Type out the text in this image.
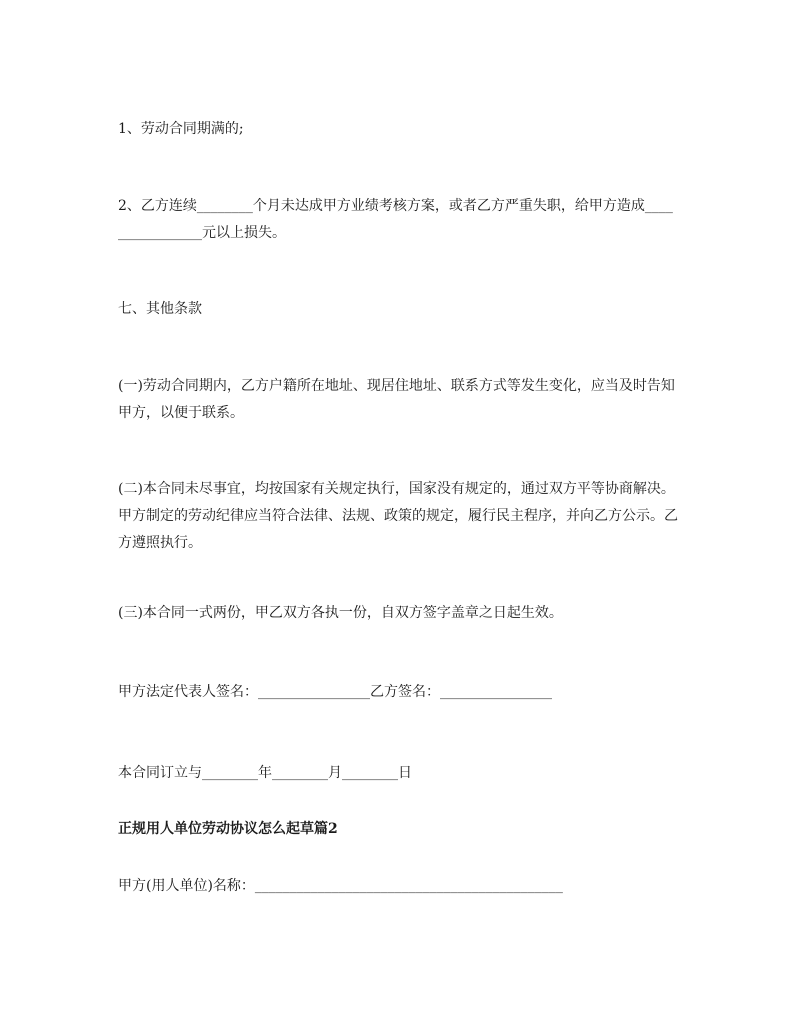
1、劳动合同期满的;

2、乙方连续________个月未达成甲方业绩考核方案，或者乙方严重失职，给甲方造成________________元以上损失。

七、其他条款

(一)劳动合同期内，乙方户籍所在地址、现居住地址、联系方式等发生变化，应当及时告知甲方，以便于联系。

(二)本合同未尽事宜，均按国家有关规定执行，国家没有规定的，通过双方平等协商解决。甲方制定的劳动纪律应当符合法律、法规、政策的规定，履行民主程序，并向乙方公示。乙方遵照执行。

(三)本合同一式两份，甲乙双方各执一份，自双方签字盖章之日起生效。

甲方法定代表人签名：________________乙方签名：________________

本合同订立与________年________月________日

正规用人单位劳动协议怎么起草篇2

甲方(用人单位)名称：____________________________________________
